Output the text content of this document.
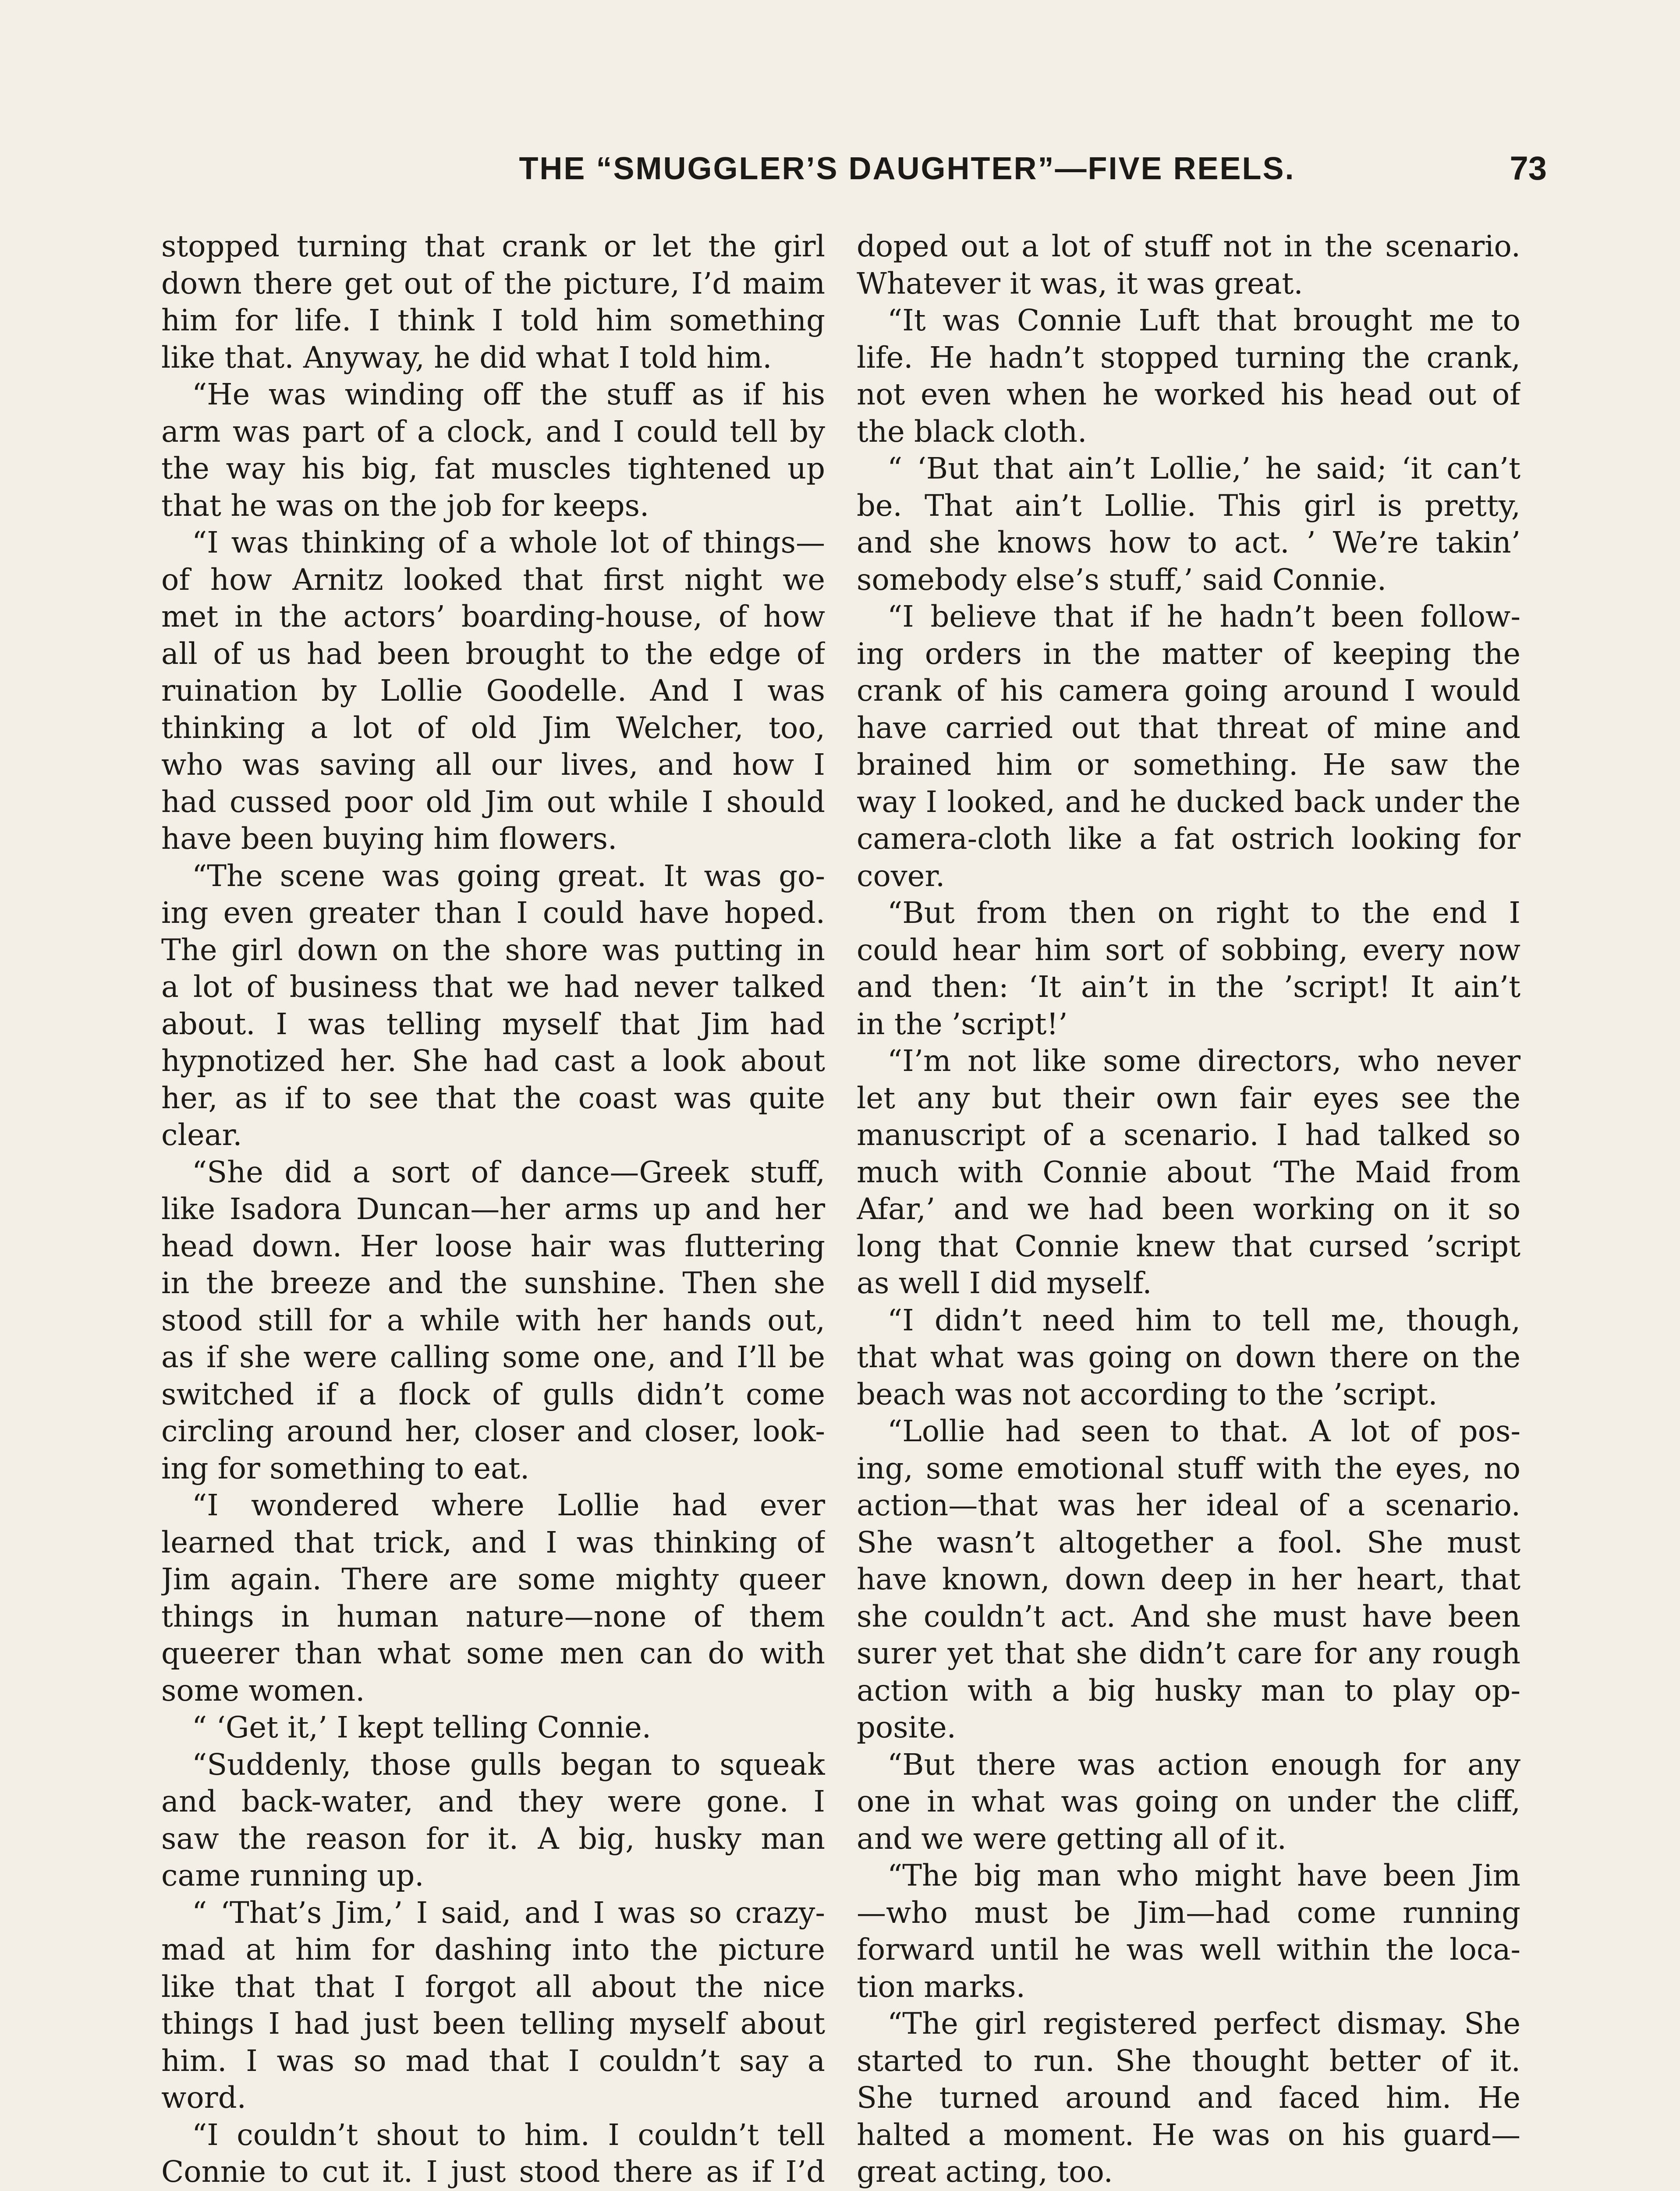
THE “SMUGGLER’S DAUGHTER”—FIVE REELS.	73
stopped turning that crank or let the girl
down there get out of the picture, I’d maim
him for life. I think I told him something
like that. Anyway, he did what I told him.
“He was winding off the stuff as if his
arm was part of a clock, and I could tell by
the way his big, fat muscles tightened up
that he was on the job for keeps.
“I was thinking of a whole lot of things—
of how Arnitz looked that first night we
met in the actors’ boarding-house, of how
all of us had been brought to the edge of
ruination by Lollie Goodelle. And I was
thinking a lot of old Jim Welcher, too,
who was saving all our lives, and how I
had cussed poor old Jim out while I should
have been buying him flowers.
“The scene was going great. It was go-
ing even greater than I could have hoped.
The girl down on the shore was putting in
a lot of business that we had never talked
about. I was telling myself that Jim had
hypnotized her. She had cast a look about
her, as if to see that the coast was quite
clear.
“She did a sort of dance—Greek stuff,
like Isadora Duncan—her arms up and her
head down. Her loose hair was fluttering
in the breeze and the sunshine. Then she
stood still for a while with her hands out,
as if she were calling some one, and I’ll be
switched if a flock of gulls didn’t come
circling around her, closer and closer, look-
ing for something to eat.
“I wondered where Lollie had ever
learned that trick, and I was thinking of
Jim again. There are some mighty queer
things in human nature—none of them
queerer than what some men can do with
some women.
“ ‘Get it,’ I kept telling Connie.
“Suddenly, those gulls began to squeak
and back-water, and they were gone. I
saw the reason for it. A big, husky man
came running up.
“ ‘That’s Jim,’ I said, and I was so crazy-
mad at him for dashing into the picture
like that that I forgot all about the nice
things I had just been telling myself about
him. I was so mad that I couldn’t say a
word.
“I couldn’t shout to him. I couldn’t tell
Connie to cut it. I just stood there as if I’d
doped out a lot of stuff not in the scenario.
Whatever it was, it was great.
“It was Connie Luft that brought me to
life. He hadn’t stopped turning the crank,
not even when he worked his head out of
the black cloth.
“ ‘But that ain’t Lollie,’ he said; ‘it can’t
be. That ain’t Lollie. This girl is pretty,
and she knows how to act. ’ We’re takin’
somebody else’s stuff,’ said Connie.
“I believe that if he hadn’t been follow-
ing orders in the matter of keeping the
crank of his camera going around I would
have carried out that threat of mine and
brained him or something. He saw the
way I looked, and he ducked back under the
camera-cloth like a fat ostrich looking for
cover.
“But from then on right to the end I
could hear him sort of sobbing, every now
and then: ‘It ain’t in the ’script! It ain’t
in the ’script!’
“I’m not like some directors, who never
let any but their own fair eyes see the
manuscript of a scenario. I had talked so
much with Connie about ‘The Maid from
Afar,’ and we had been working on it so
long that Connie knew that cursed ’script
as well I did myself.
“I didn’t need him to tell me, though,
that what was going on down there on the
beach was not according to the ’script.
“Lollie had seen to that. A lot of pos-
ing, some emotional stuff with the eyes, no
action—that was her ideal of a scenario.
She wasn’t altogether a fool. She must
have known, down deep in her heart, that
she couldn’t act. And she must have been
surer yet that she didn’t care for any rough
action with a big husky man to play op-
posite.
“But there was action enough for any
one in what was going on under the cliff,
and we were getting all of it.
“The big man who might have been Jim
—who must be Jim—had come running
forward until he was well within the loca-
tion marks.
“The girl registered perfect dismay. She
started to run. She thought better of it.
She turned around and faced him. He
halted a moment. He was on his guard—
great acting, too.
